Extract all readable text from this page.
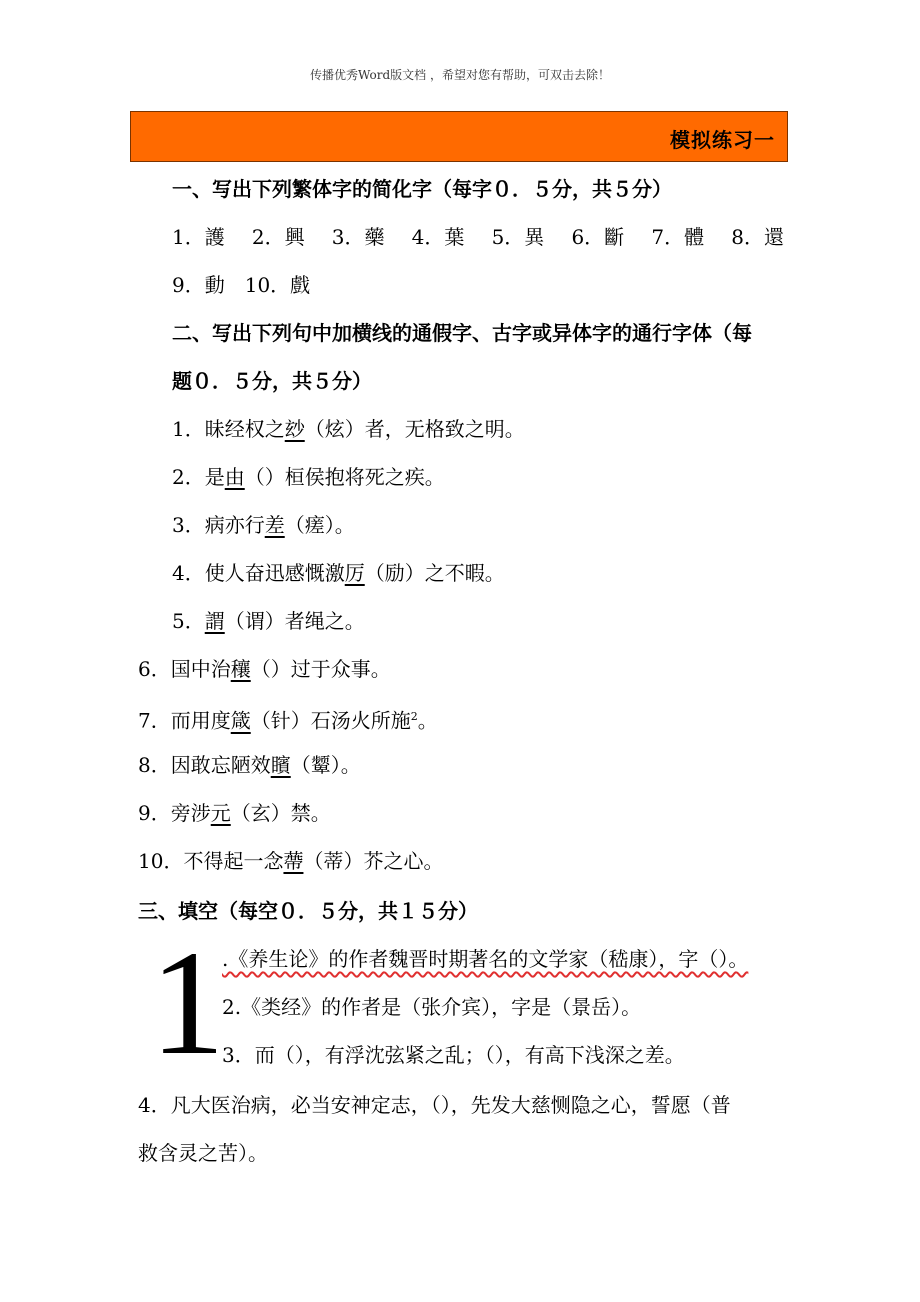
传播优秀Word版文档 ，希望对您有帮助，可双击去除！
模拟练习一
一、写出下列繁体字的简化字（每字０．５分，共５分）
1．護 2．興 3．藥 4．葉 5．異 6．斷 7．體 8．還
9．動　10．戲
二、写出下列句中加横线的通假字、古字或异体字的通行字体（每
题０．５分，共５分）
1．昧经权之玅（炫）者，无格致之明。
2．是由（）桓侯抱将死之疾。
3．病亦行差（瘥）。
4．使人奋迅感慨激厉（励）之不暇。
5．謂（谓）者绳之。
6．国中治穰（）过于众事。
7．而用度箴（针）石汤火所施$^2$。
8．因敢忘陋效矉（颦）。
9．旁涉元（玄）禁。
10．不得起一念蔕（蒂）芥之心。
三、填空（每空０．５分，共１５分）
1
.《养生论》的作者魏晋时期著名的文学家（嵇康），字（）。
2.《类经》的作者是（张介宾），字是（景岳）。
3．而（），有浮沈弦紧之乱；（），有高下浅深之差。
4．凡大医治病，必当安神定志，（），先发大慈恻隐之心，誓愿（普
救含灵之苦）。
